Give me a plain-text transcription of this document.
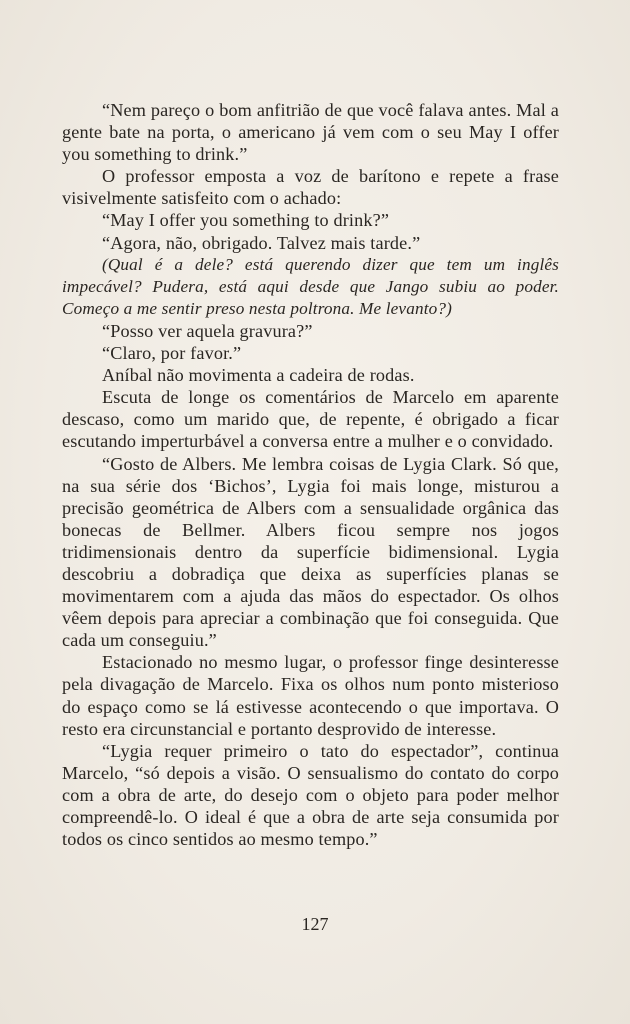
“Nem pareço o bom anfitrião de que você falava antes. Mal a gente bate na porta, o americano já vem com o seu May I offer you something to drink.”

O professor emposta a voz de barítono e repete a frase visivelmente satisfeito com o achado:

“May I offer you something to drink?”

“Agora, não, obrigado. Talvez mais tarde.”

(Qual é a dele? está querendo dizer que tem um inglês impecável? Pudera, está aqui desde que Jango subiu ao poder. Começo a me sentir preso nesta poltrona. Me levanto?)

“Posso ver aquela gravura?”

“Claro, por favor.”

Aníbal não movimenta a cadeira de rodas.

Escuta de longe os comentários de Marcelo em aparente descaso, como um marido que, de repente, é obrigado a ficar escutando imperturbável a conversa entre a mulher e o convidado.

“Gosto de Albers. Me lembra coisas de Lygia Clark. Só que, na sua série dos ‘Bichos’, Lygia foi mais longe, misturou a precisão geométrica de Albers com a sensualidade orgânica das bonecas de Bellmer. Albers ficou sempre nos jogos tridimensionais dentro da superfície bidimensional. Lygia descobriu a dobradiça que deixa as superfícies planas se movimentarem com a ajuda das mãos do espectador. Os olhos vêem depois para apreciar a combinação que foi conseguida. Que cada um conseguiu.”

Estacionado no mesmo lugar, o professor finge desinteresse pela divagação de Marcelo. Fixa os olhos num ponto misterioso do espaço como se lá estivesse acontecendo o que importava. O resto era circunstancial e portanto desprovido de interesse.

“Lygia requer primeiro o tato do espectador”, continua Marcelo, “só depois a visão. O sensualismo do contato do corpo com a obra de arte, do desejo com o objeto para poder melhor compreendê-lo. O ideal é que a obra de arte seja consumida por todos os cinco sentidos ao mesmo tempo.”

127
